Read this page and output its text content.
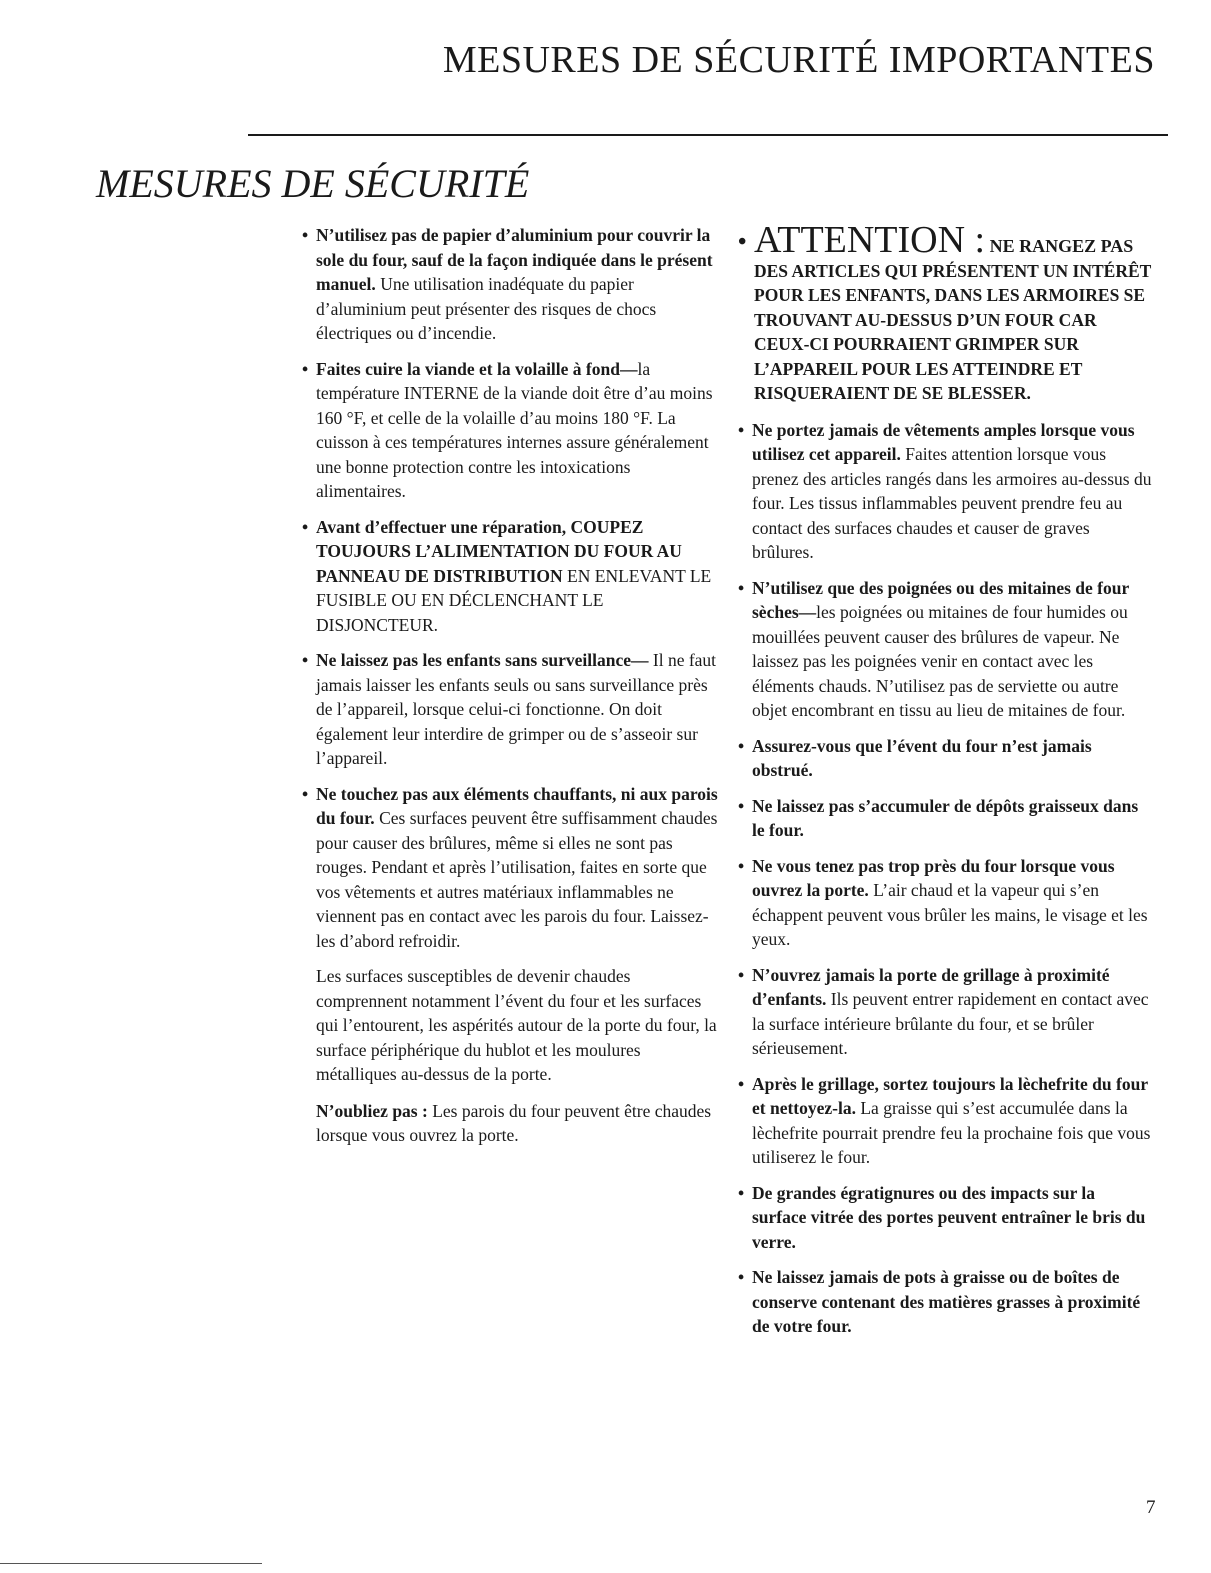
MESURES DE SÉCURITÉ IMPORTANTES
MESURES DE SÉCURITÉ

• N’utilisez pas de papier d’aluminium pour couvrir la sole du four, sauf de la façon indiquée dans le présent manuel. Une utilisation inadéquate du papier d’aluminium peut présenter des risques de chocs électriques ou d’incendie.

• Faites cuire la viande et la volaille à fond—la température INTERNE de la viande doit être d’au moins 160 °F, et celle de la volaille d’au moins 180 °F. La cuisson à ces températures internes assure généralement une bonne protection contre les intoxications alimentaires.

• Avant d’effectuer une réparation, COUPEZ TOUJOURS L’ALIMENTATION DU FOUR AU PANNEAU DE DISTRIBUTION EN ENLEVANT LE FUSIBLE OU EN DÉCLENCHANT LE DISJONCTEUR.

• Ne laissez pas les enfants sans surveillance— Il ne faut jamais laisser les enfants seuls ou sans surveillance près de l’appareil, lorsque celui-ci fonctionne. On doit également leur interdire de grimper ou de s’asseoir sur l’appareil.

• Ne touchez pas aux éléments chauffants, ni aux parois du four. Ces surfaces peuvent être suffisamment chaudes pour causer des brûlures, même si elles ne sont pas rouges. Pendant et après l’utilisation, faites en sorte que vos vêtements et autres matériaux inflammables ne viennent pas en contact avec les parois du four. Laissez-les d’abord refroidir.

Les surfaces susceptibles de devenir chaudes comprennent notamment l’évent du four et les surfaces qui l’entourent, les aspérités autour de la porte du four, la surface périphérique du hublot et les moulures métalliques au-dessus de la porte.

N’oubliez pas : Les parois du four peuvent être chaudes lorsque vous ouvrez la porte.

• ATTENTION : NE RANGEZ PAS DES ARTICLES QUI PRÉSENTENT UN INTÉRÊT POUR LES ENFANTS, DANS LES ARMOIRES SE TROUVANT AU-DESSUS D’UN FOUR CAR CEUX-CI POURRAIENT GRIMPER SUR L’APPAREIL POUR LES ATTEINDRE ET RISQUERAIENT DE SE BLESSER.

• Ne portez jamais de vêtements amples lorsque vous utilisez cet appareil. Faites attention lorsque vous prenez des articles rangés dans les armoires au-dessus du four. Les tissus inflammables peuvent prendre feu au contact des surfaces chaudes et causer de graves brûlures.

• N’utilisez que des poignées ou des mitaines de four sèches—les poignées ou mitaines de four humides ou mouillées peuvent causer des brûlures de vapeur. Ne laissez pas les poignées venir en contact avec les éléments chauds. N’utilisez pas de serviette ou autre objet encombrant en tissu au lieu de mitaines de four.

• Assurez-vous que l’évent du four n’est jamais obstrué.

• Ne laissez pas s’accumuler de dépôts graisseux dans le four.

• Ne vous tenez pas trop près du four lorsque vous ouvrez la porte. L’air chaud et la vapeur qui s’en échappent peuvent vous brûler les mains, le visage et les yeux.

• N’ouvrez jamais la porte de grillage à proximité d’enfants. Ils peuvent entrer rapidement en contact avec la surface intérieure brûlante du four, et se brûler sérieusement.

• Après le grillage, sortez toujours la lèchefrite du four et nettoyez-la. La graisse qui s’est accumulée dans la lèchefrite pourrait prendre feu la prochaine fois que vous utiliserez le four.

• De grandes égratignures ou des impacts sur la surface vitrée des portes peuvent entraîner le bris du verre.

• Ne laissez jamais de pots à graisse ou de boîtes de conserve contenant des matières grasses à proximité de votre four.

7
